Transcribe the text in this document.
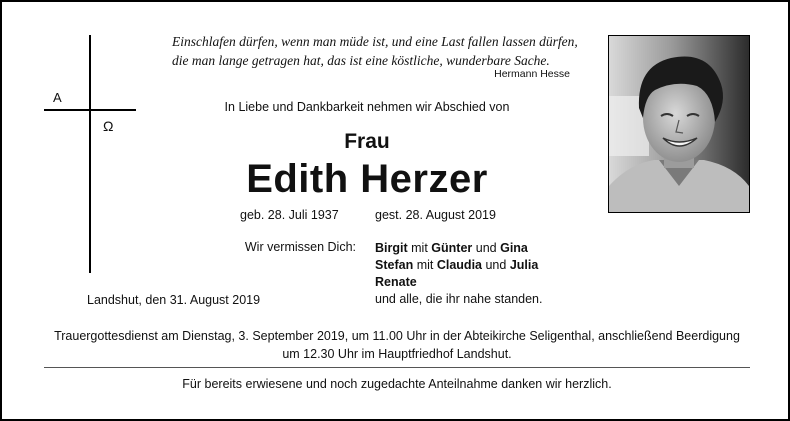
A
Ω
Einschlafen dürfen, wenn man müde ist, und eine Last fallen lassen dürfen,
die man lange getragen hat, das ist eine köstliche, wunderbare Sache.
Hermann Hesse
In Liebe und Dankbarkeit nehmen wir Abschied von
Frau
Edith Herzer
geb. 28. Juli 1937	gest. 28. August 2019
Wir vermissen Dich: Birgit mit Günter und Gina
Stefan mit Claudia und Julia
Renate
und alle, die ihr nahe standen.
Landshut, den 31. August 2019
Trauergottesdienst am Dienstag, 3. September 2019, um 11.00 Uhr in der Abteikirche Seligenthal, anschließend Beerdigung
um 12.30 Uhr im Hauptfriedhof Landshut.
Für bereits erwiesene und noch zugedachte Anteilnahme danken wir herzlich.
